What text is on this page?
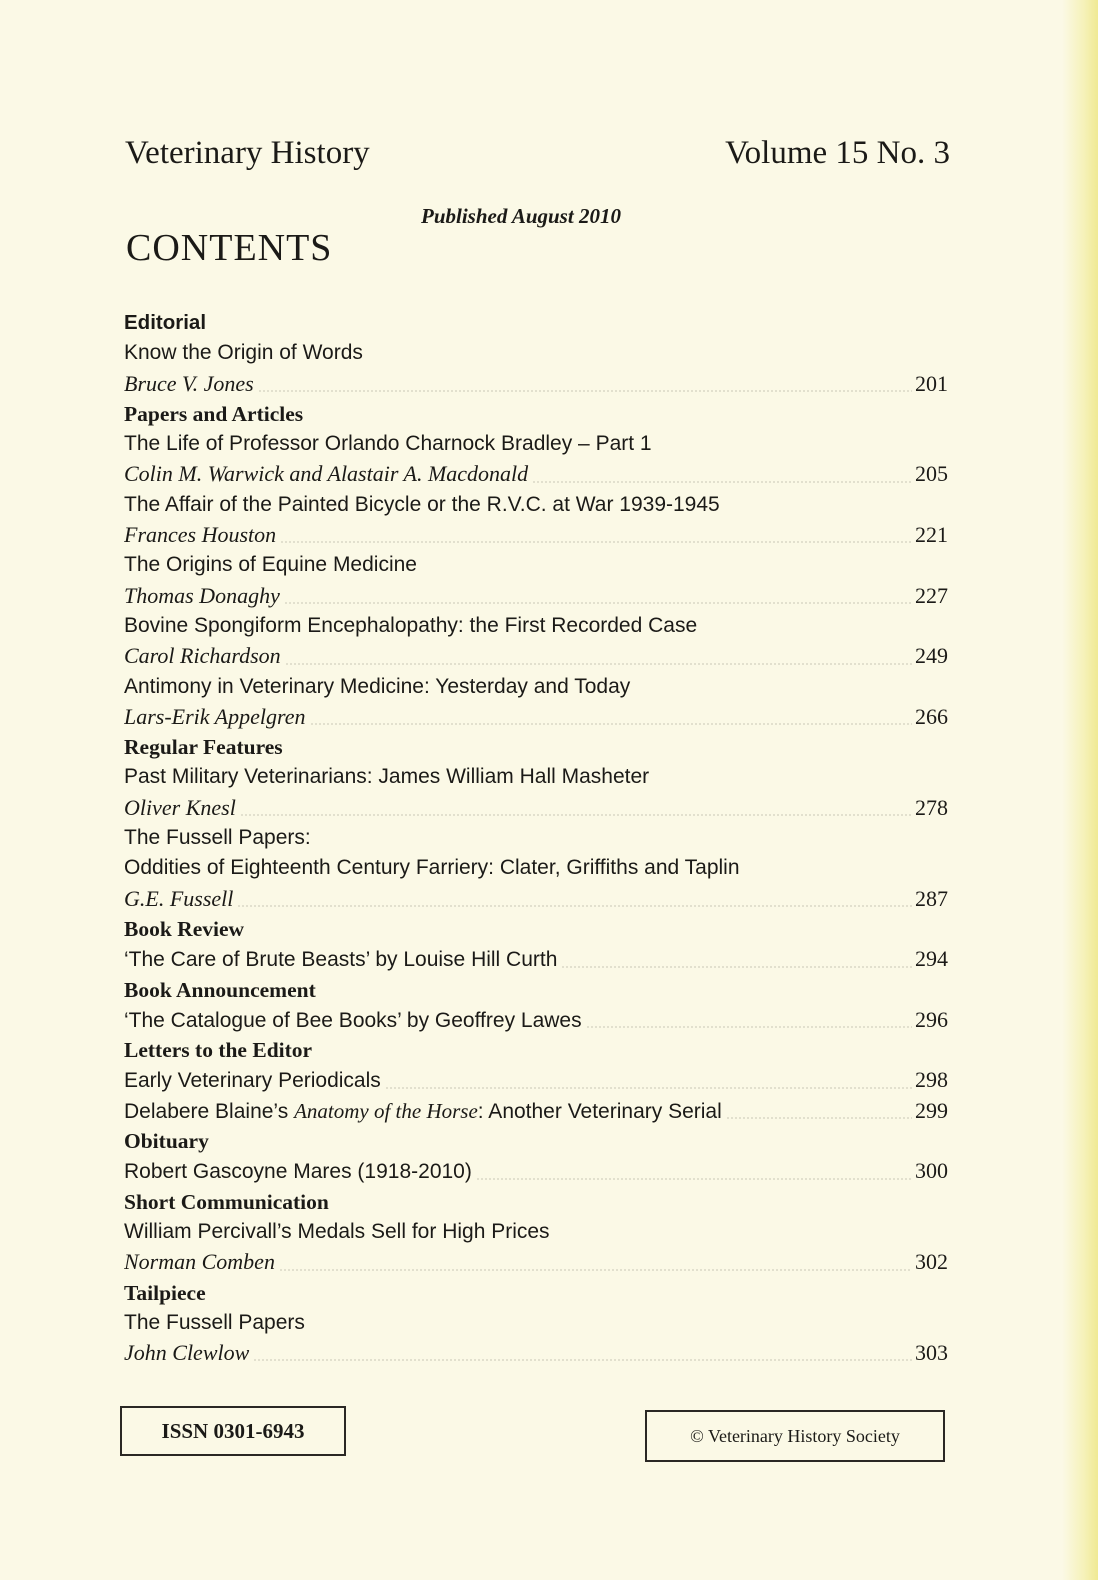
Veterinary History	Volume 15 No. 3
Published August 2010
CONTENTS
Editorial
Know the Origin of Words
Bruce V. Jones	201
Papers and Articles
The Life of Professor Orlando Charnock Bradley – Part 1
Colin M. Warwick and Alastair A. Macdonald	205
The Affair of the Painted Bicycle or the R.V.C. at War 1939-1945
Frances Houston	221
The Origins of Equine Medicine
Thomas Donaghy	227
Bovine Spongiform Encephalopathy: the First Recorded Case
Carol Richardson	249
Antimony in Veterinary Medicine: Yesterday and Today
Lars-Erik Appelgren	266
Regular Features
Past Military Veterinarians: James William Hall Masheter
Oliver Knesl	278
The Fussell Papers:
Oddities of Eighteenth Century Farriery: Clater, Griffiths and Taplin
G.E. Fussell	287
Book Review
‘The Care of Brute Beasts’ by Louise Hill Curth	294
Book Announcement
‘The Catalogue of Bee Books’ by Geoffrey Lawes	296
Letters to the Editor
Early Veterinary Periodicals	298
Delabere Blaine’s Anatomy of the Horse: Another Veterinary Serial	299
Obituary
Robert Gascoyne Mares (1918-2010)	300
Short Communication
William Percivall’s Medals Sell for High Prices
Norman Comben	302
Tailpiece
The Fussell Papers
John Clewlow	303
ISSN 0301-6943	© Veterinary History Society
